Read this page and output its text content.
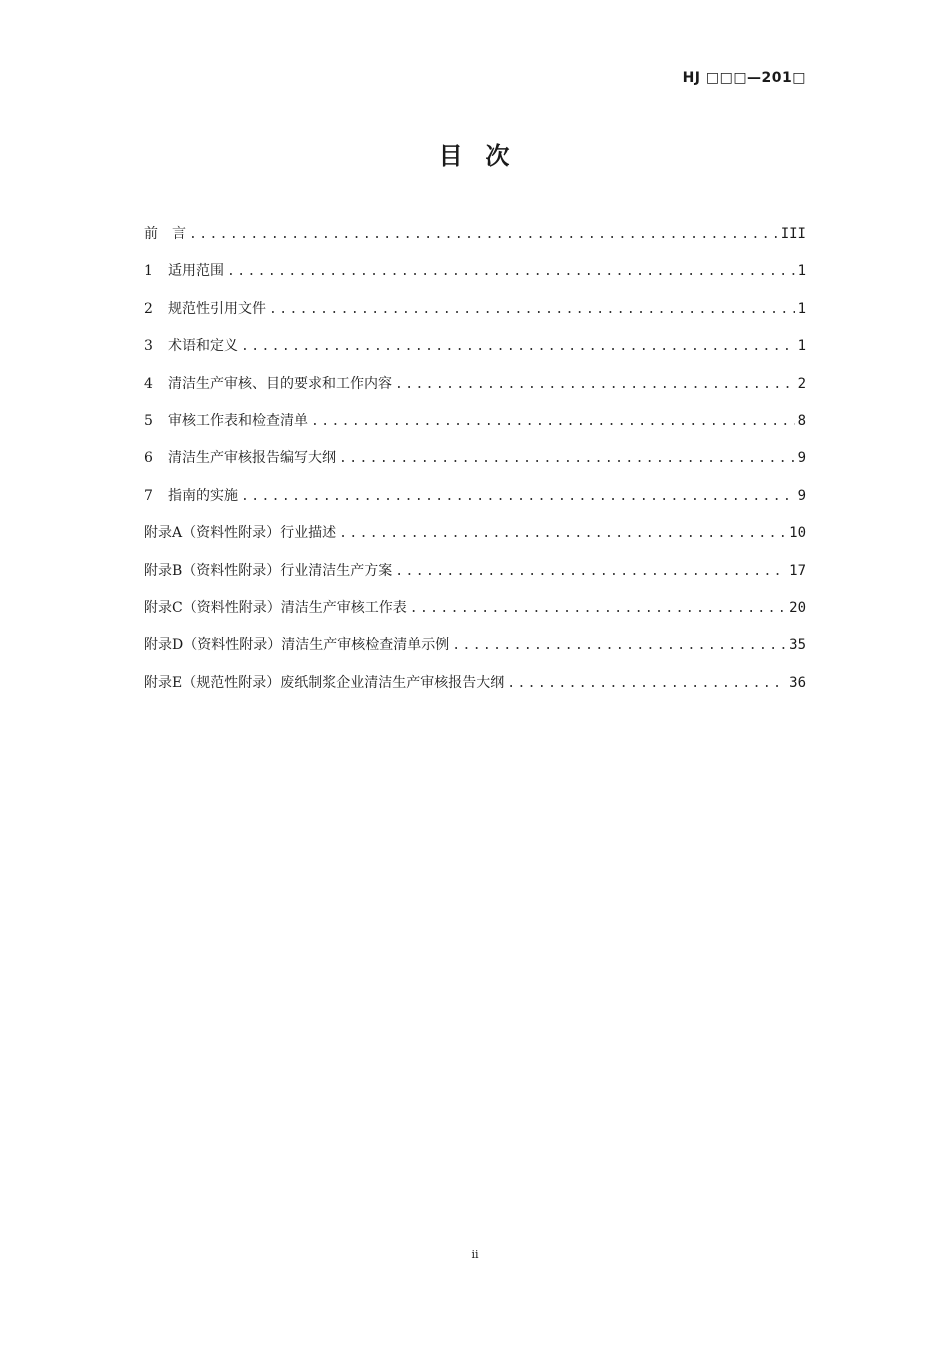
HJ □□□—201□
目  次
前　言 .....	III
1 适用范围 .....	1
2 规范性引用文件 .....	1
3 术语和定义 .....	1
4 清洁生产审核、目的要求和工作内容 .....	2
5 审核工作表和检查清单 .....	8
6 清洁生产审核报告编写大纲 .....	9
7 指南的实施 .....	9
附录A（资料性附录）行业描述 .....	10
附录B（资料性附录）行业清洁生产方案 .....	17
附录C（资料性附录）清洁生产审核工作表 .....	20
附录D（资料性附录）清洁生产审核检查清单示例 .....	35
附录E（规范性附录）废纸制浆企业清洁生产审核报告大纲 .....	36
ii
